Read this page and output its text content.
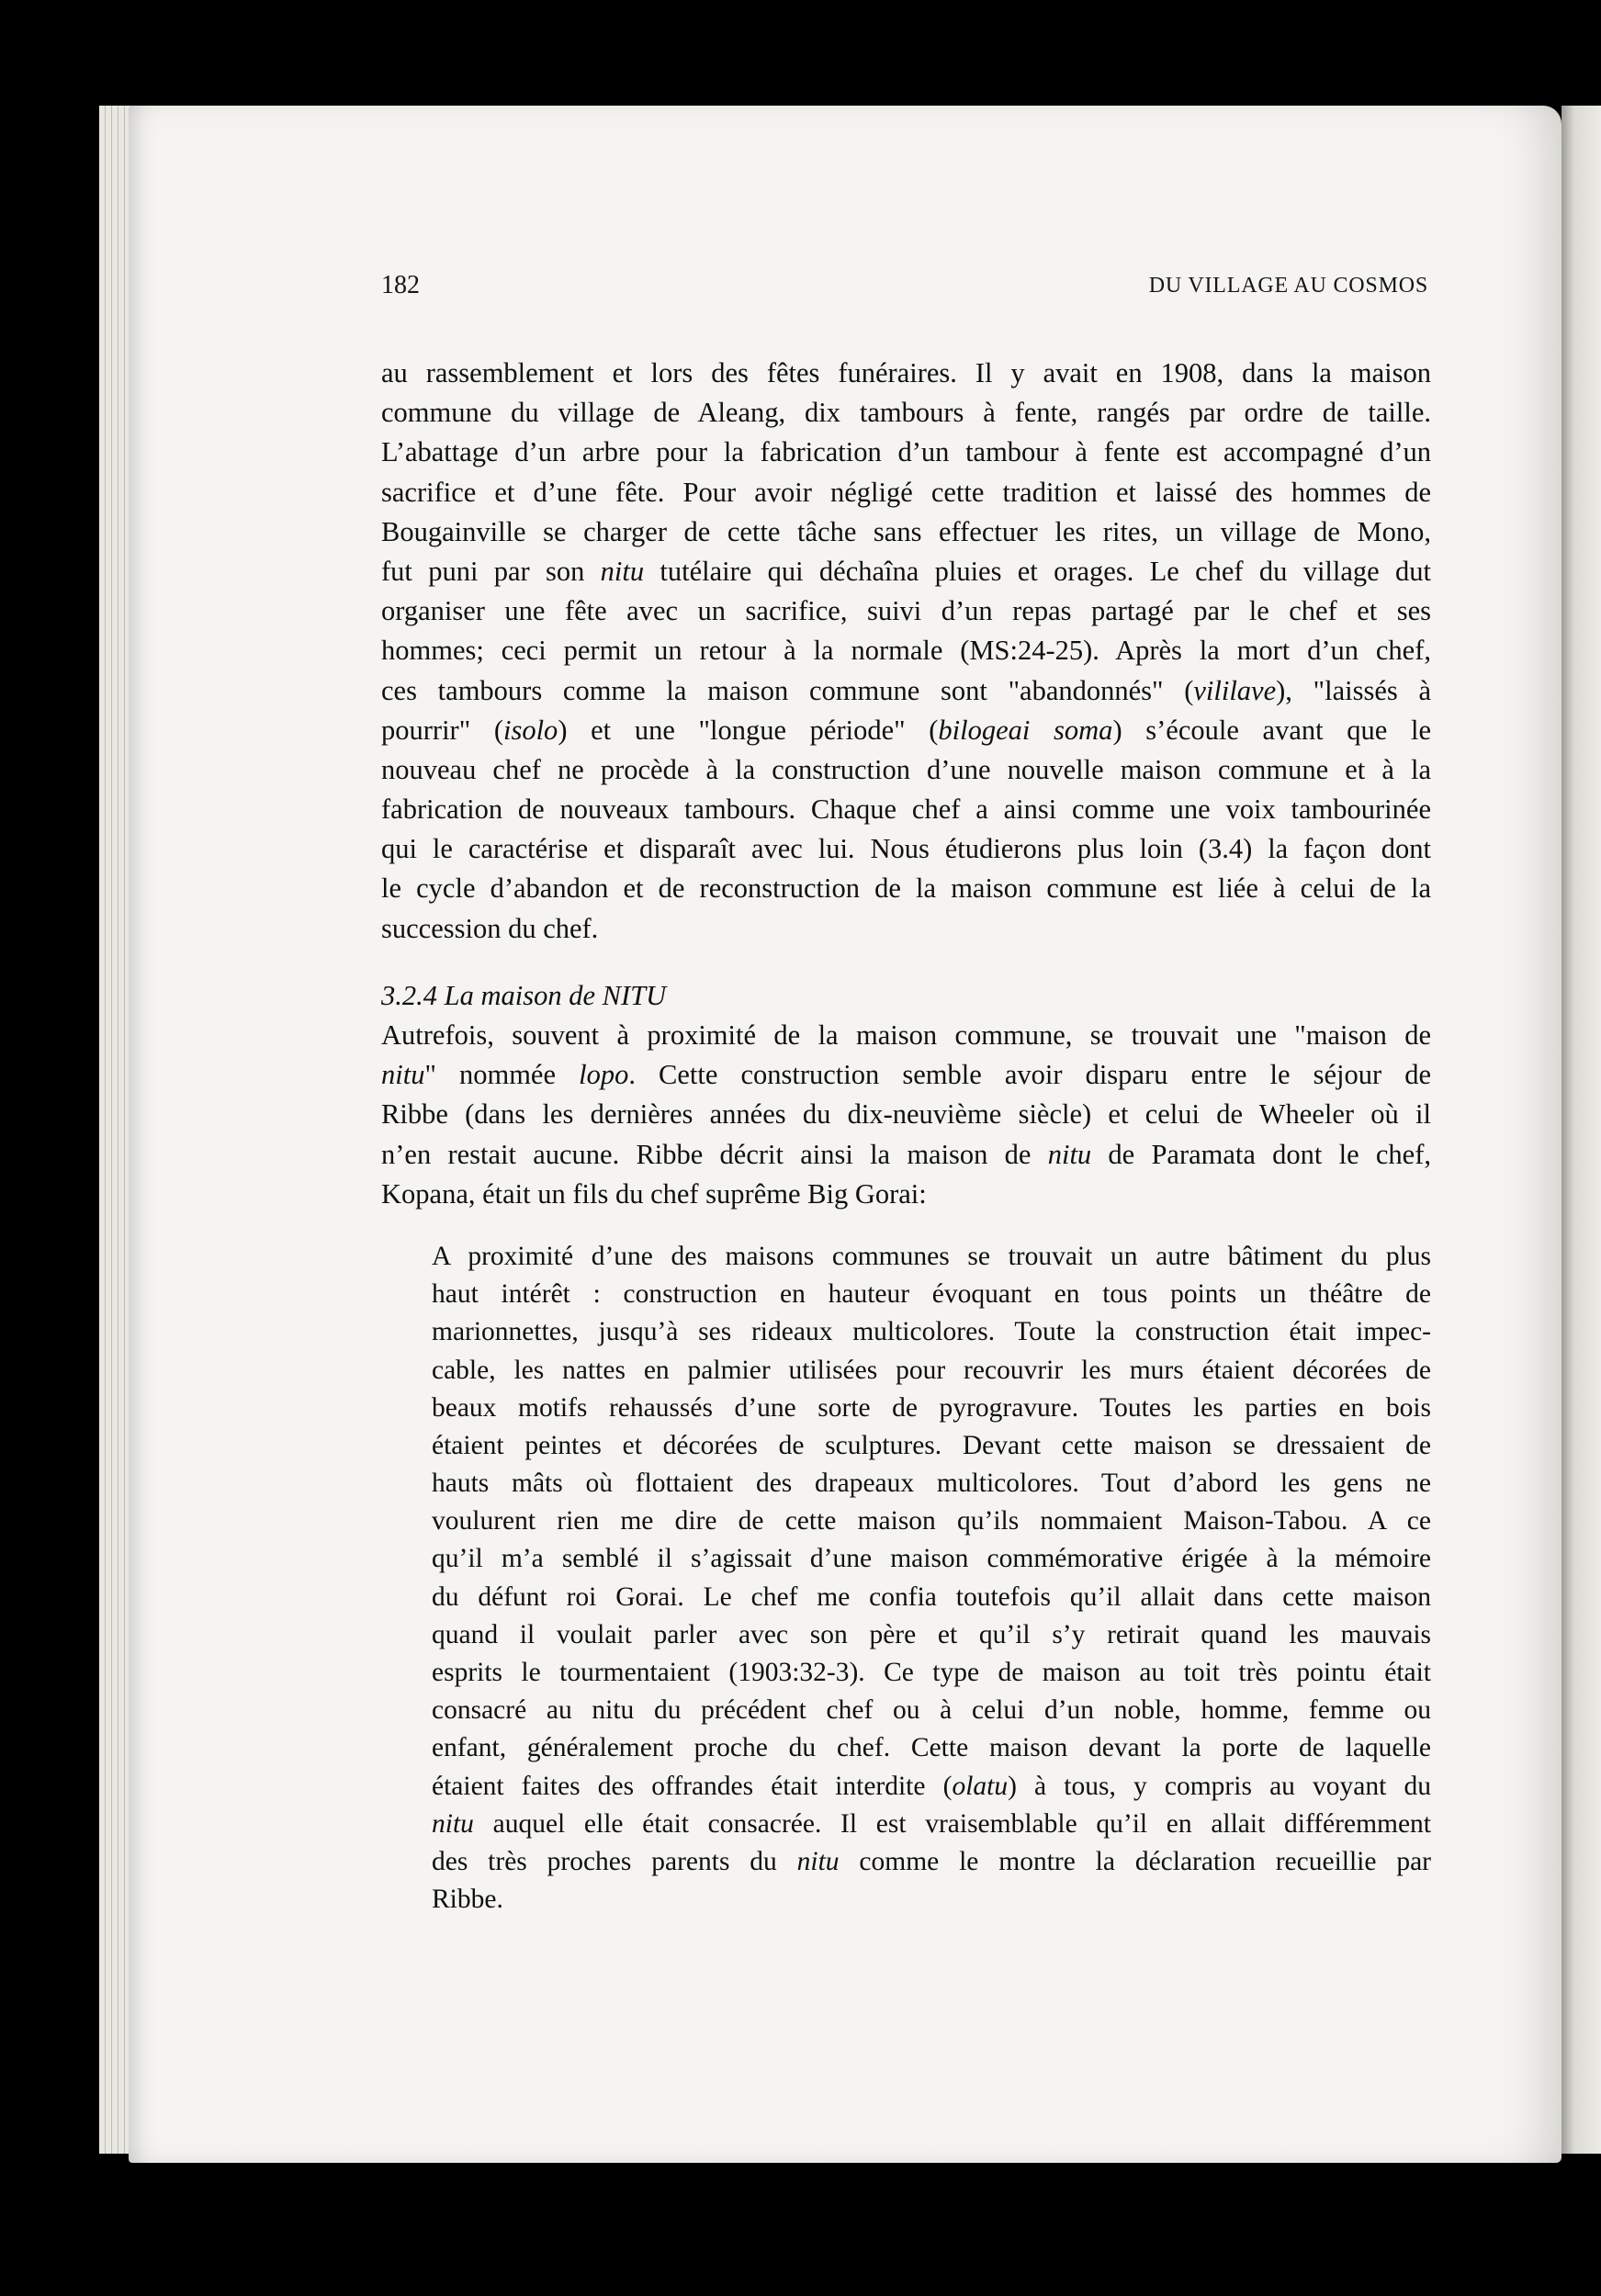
182	DU VILLAGE AU COSMOS
au rassemblement et lors des fêtes funéraires. Il y avait en 1908, dans la maison
commune du village de Aleang, dix tambours à fente, rangés par ordre de taille.
L’abattage d’un arbre pour la fabrication d’un tambour à fente est accompagné d’un
sacrifice et d’une fête. Pour avoir négligé cette tradition et laissé des hommes de
Bougainville se charger de cette tâche sans effectuer les rites, un village de Mono,
fut puni par son nitu tutélaire qui déchaîna pluies et orages. Le chef du village dut
organiser une fête avec un sacrifice, suivi d’un repas partagé par le chef et ses
hommes; ceci permit un retour à la normale (MS:24-25). Après la mort d’un chef,
ces tambours comme la maison commune sont "abandonnés" (vililave), "laissés à
pourrir" (isolo) et une "longue période" (bilogeai soma) s’écoule avant que le
nouveau chef ne procède à la construction d’une nouvelle maison commune et à la
fabrication de nouveaux tambours. Chaque chef a ainsi comme une voix tambourinée
qui le caractérise et disparaît avec lui. Nous étudierons plus loin (3.4) la façon dont
le cycle d’abandon et de reconstruction de la maison commune est liée à celui de la
succession du chef.
3.2.4 La maison de NITU
Autrefois, souvent à proximité de la maison commune, se trouvait une "maison de
nitu" nommée lopo. Cette construction semble avoir disparu entre le séjour de
Ribbe (dans les dernières années du dix-neuvième siècle) et celui de Wheeler où il
n’en restait aucune. Ribbe décrit ainsi la maison de nitu de Paramata dont le chef,
Kopana, était un fils du chef suprême Big Gorai:
A proximité d’une des maisons communes se trouvait un autre bâtiment du plus
haut intérêt : construction en hauteur évoquant en tous points un théâtre de
marionnettes, jusqu’à ses rideaux multicolores. Toute la construction était impec-
cable, les nattes en palmier utilisées pour recouvrir les murs étaient décorées de
beaux motifs rehaussés d’une sorte de pyrogravure. Toutes les parties en bois
étaient peintes et décorées de sculptures. Devant cette maison se dressaient de
hauts mâts où flottaient des drapeaux multicolores. Tout d’abord les gens ne
voulurent rien me dire de cette maison qu’ils nommaient Maison-Tabou. A ce
qu’il m’a semblé il s’agissait d’une maison commémorative érigée à la mémoire
du défunt roi Gorai. Le chef me confia toutefois qu’il allait dans cette maison
quand il voulait parler avec son père et qu’il s’y retirait quand les mauvais
esprits le tourmentaient (1903:32-3). Ce type de maison au toit très pointu était
consacré au nitu du précédent chef ou à celui d’un noble, homme, femme ou
enfant, généralement proche du chef. Cette maison devant la porte de laquelle
étaient faites des offrandes était interdite (olatu) à tous, y compris au voyant du
nitu auquel elle était consacrée. Il est vraisemblable qu’il en allait différemment
des très proches parents du nitu comme le montre la déclaration recueillie par
Ribbe.
